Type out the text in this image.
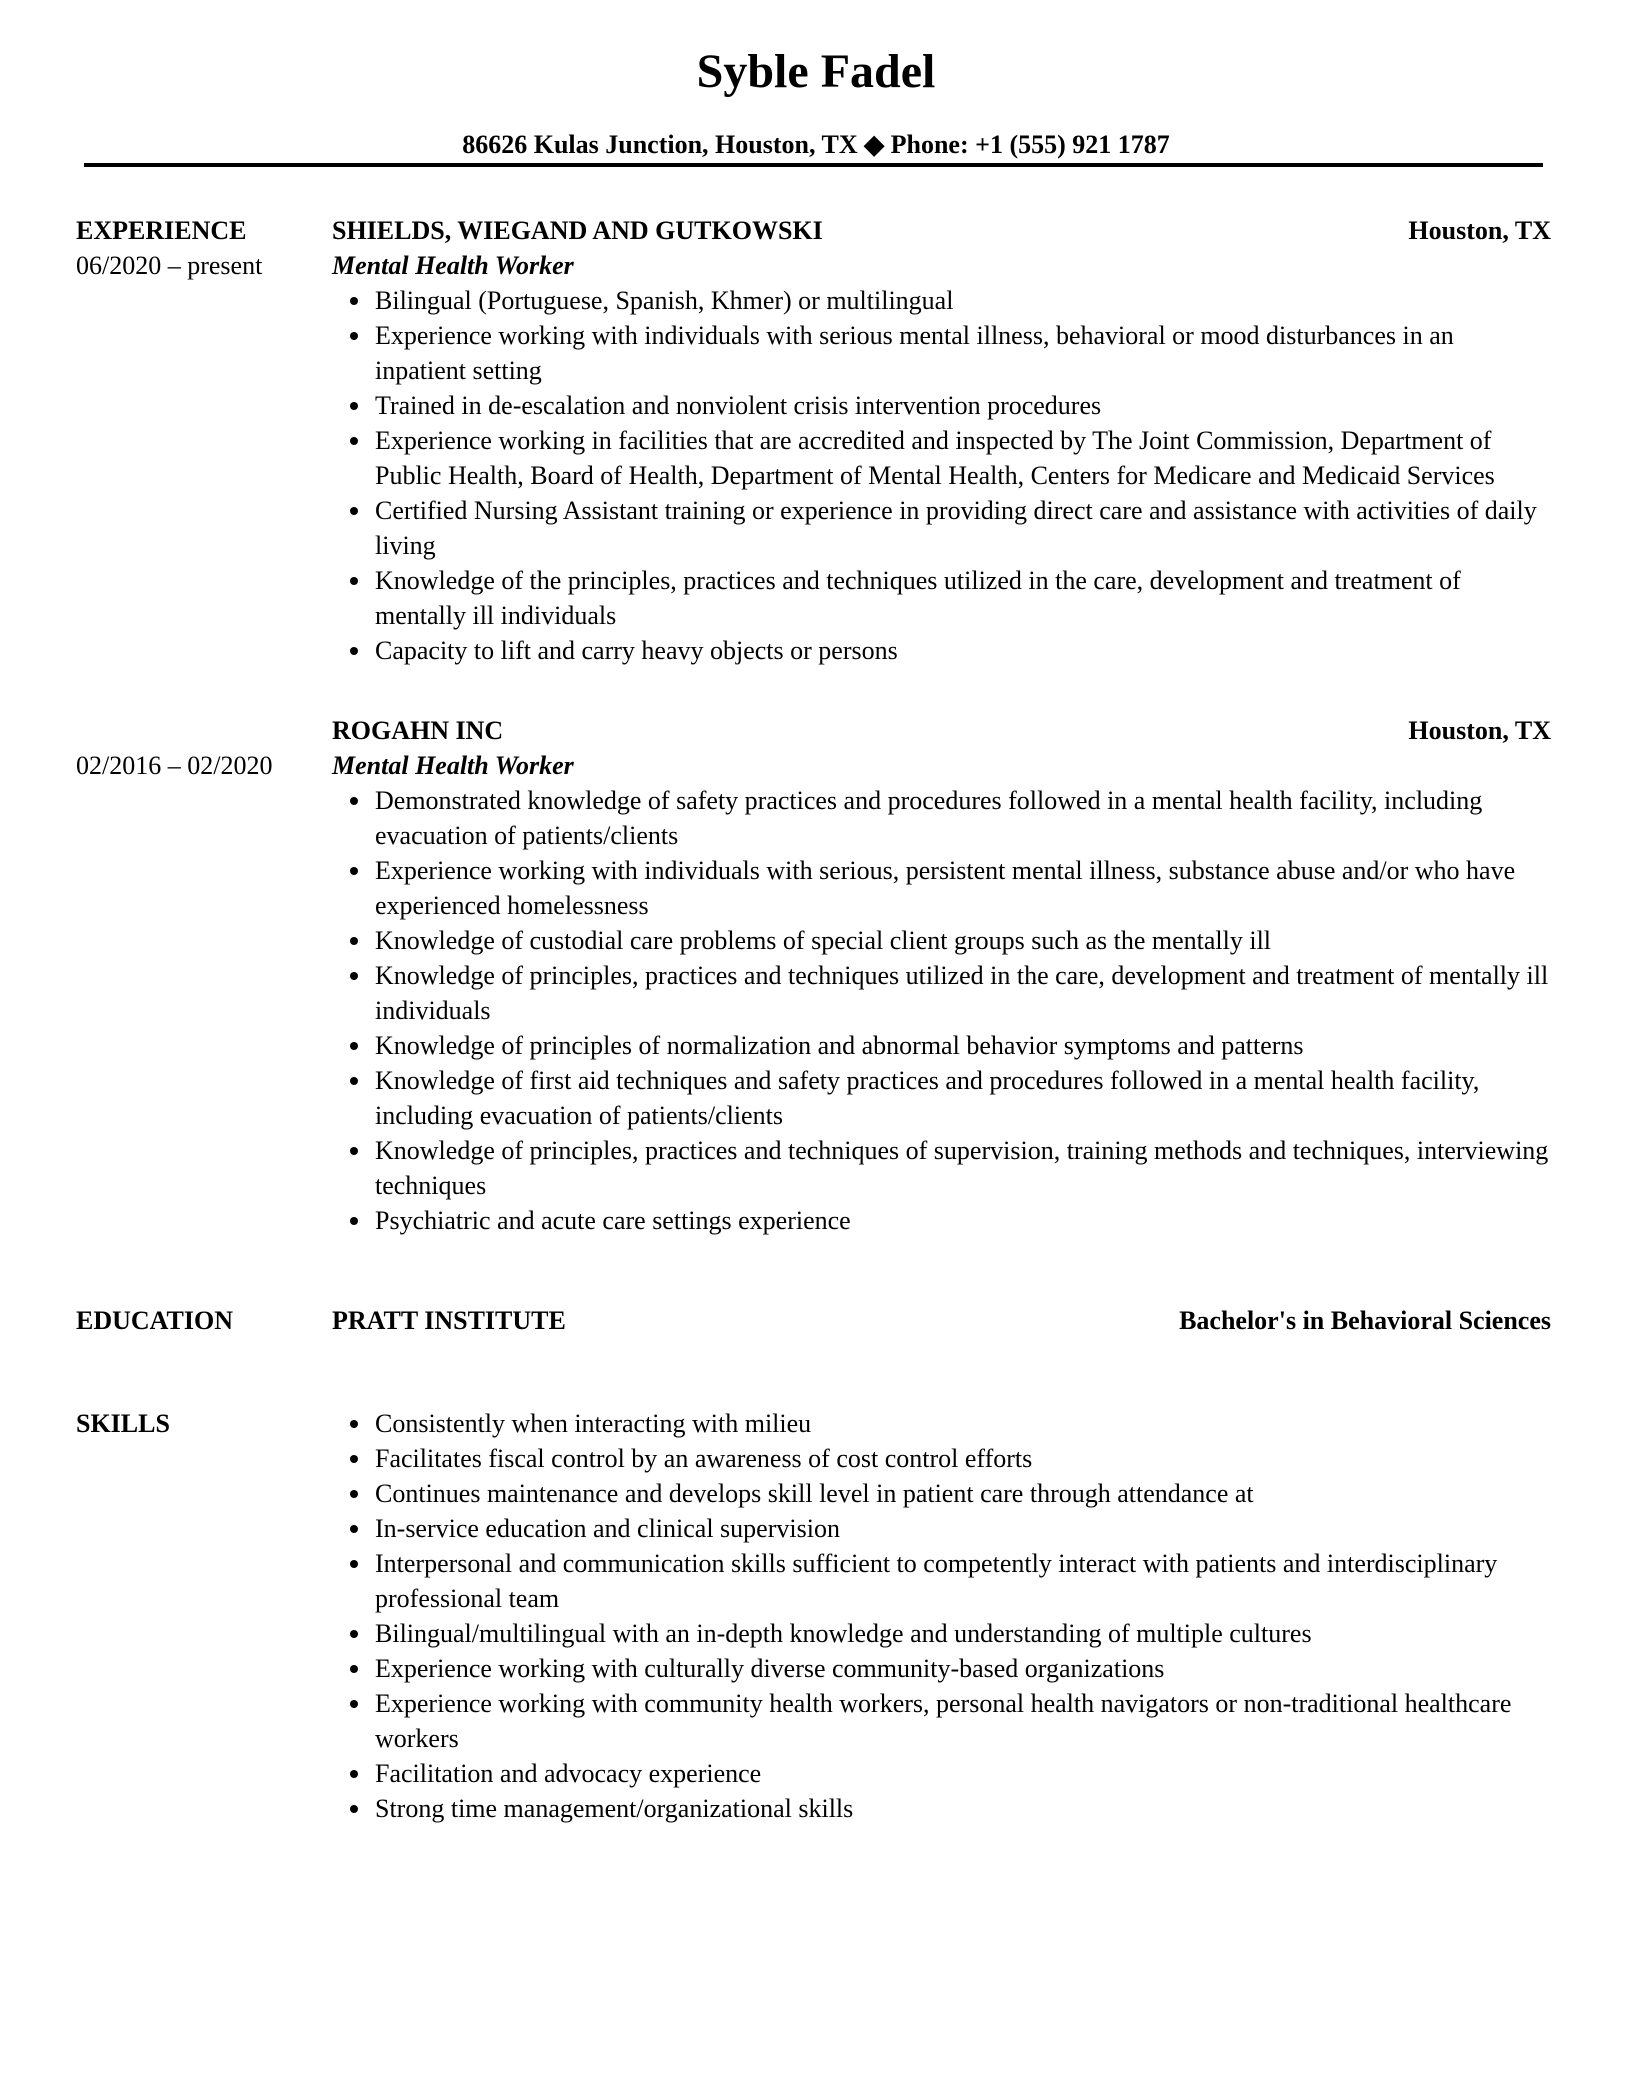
Syble Fadel
86626 Kulas Junction, Houston, TX ◆ Phone: +1 (555) 921 1787
EXPERIENCE
06/2020 – present
SHIELDS, WIEGAND AND GUTKOWSKI	Houston, TX
Mental Health Worker
Bilingual (Portuguese, Spanish, Khmer) or multilingual
Experience working with individuals with serious mental illness, behavioral or mood disturbances in an inpatient setting
Trained in de-escalation and nonviolent crisis intervention procedures
Experience working in facilities that are accredited and inspected by The Joint Commission, Department of Public Health, Board of Health, Department of Mental Health, Centers for Medicare and Medicaid Services
Certified Nursing Assistant training or experience in providing direct care and assistance with activities of daily living
Knowledge of the principles, practices and techniques utilized in the care, development and treatment of mentally ill individuals
Capacity to lift and carry heavy objects or persons

02/2016 – 02/2020
ROGAHN INC	Houston, TX
Mental Health Worker
Demonstrated knowledge of safety practices and procedures followed in a mental health facility, including evacuation of patients/clients
Experience working with individuals with serious, persistent mental illness, substance abuse and/or who have experienced homelessness
Knowledge of custodial care problems of special client groups such as the mentally ill
Knowledge of principles, practices and techniques utilized in the care, development and treatment of mentally ill individuals
Knowledge of principles of normalization and abnormal behavior symptoms and patterns
Knowledge of first aid techniques and safety practices and procedures followed in a mental health facility, including evacuation of patients/clients
Knowledge of principles, practices and techniques of supervision, training methods and techniques, interviewing techniques
Psychiatric and acute care settings experience
EDUCATION	PRATT INSTITUTE	Bachelor's in Behavioral Sciences
SKILLS	Consistently when interacting with milieu
Facilitates fiscal control by an awareness of cost control efforts
Continues maintenance and develops skill level in patient care through attendance at
In-service education and clinical supervision
Interpersonal and communication skills sufficient to competently interact with patients and interdisciplinary professional team
Bilingual/multilingual with an in-depth knowledge and understanding of multiple cultures
Experience working with culturally diverse community-based organizations
Experience working with community health workers, personal health navigators or non-traditional healthcare workers
Facilitation and advocacy experience
Strong time management/organizational skills
